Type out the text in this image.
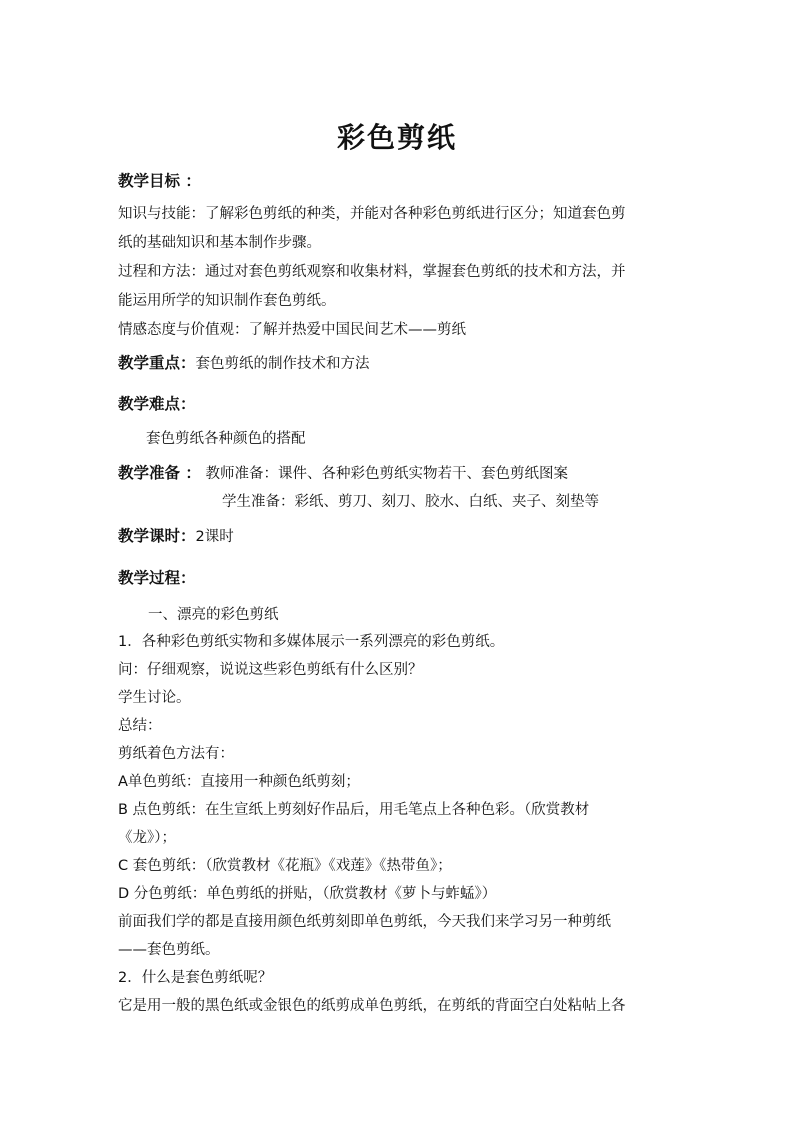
彩色剪纸
教学目标 ：
知识与技能：了解彩色剪纸的种类，并能对各种彩色剪纸进行区分；知道套色剪
纸的基础知识和基本制作步骤。
过程和方法：通过对套色剪纸观察和收集材料，掌握套色剪纸的技术和方法，并
能运用所学的知识制作套色剪纸。
情感态度与价值观：了解并热爱中国民间艺术——剪纸
教学重点：套色剪纸的制作技术和方法
教学难点：
套色剪纸各种颜色的搭配
教学准备 ： 教师准备：课件、各种彩色剪纸实物若干、套色剪纸图案
学生准备：彩纸、剪刀、刻刀、胶水、白纸、夹子、刻垫等
教学课时：2课时
教学过程：
一、漂亮的彩色剪纸
1．各种彩色剪纸实物和多媒体展示一系列漂亮的彩色剪纸。
问：仔细观察，说说这些彩色剪纸有什么区别？
学生讨论。
总结：
剪纸着色方法有：
A单色剪纸：直接用一种颜色纸剪刻；
B 点色剪纸：在生宣纸上剪刻好作品后，用毛笔点上各种色彩。（欣赏教材
《龙》）；
C 套色剪纸：（欣赏教材《花瓶》《戏莲》《热带鱼》；
D 分色剪纸：单色剪纸的拼贴，（欣赏教材《萝卜与蚱蜢》）
前面我们学的都是直接用颜色纸剪刻即单色剪纸，今天我们来学习另一种剪纸
——套色剪纸。
2．什么是套色剪纸呢？
它是用一般的黑色纸或金银色的纸剪成单色剪纸，在剪纸的背面空白处粘帖上各
